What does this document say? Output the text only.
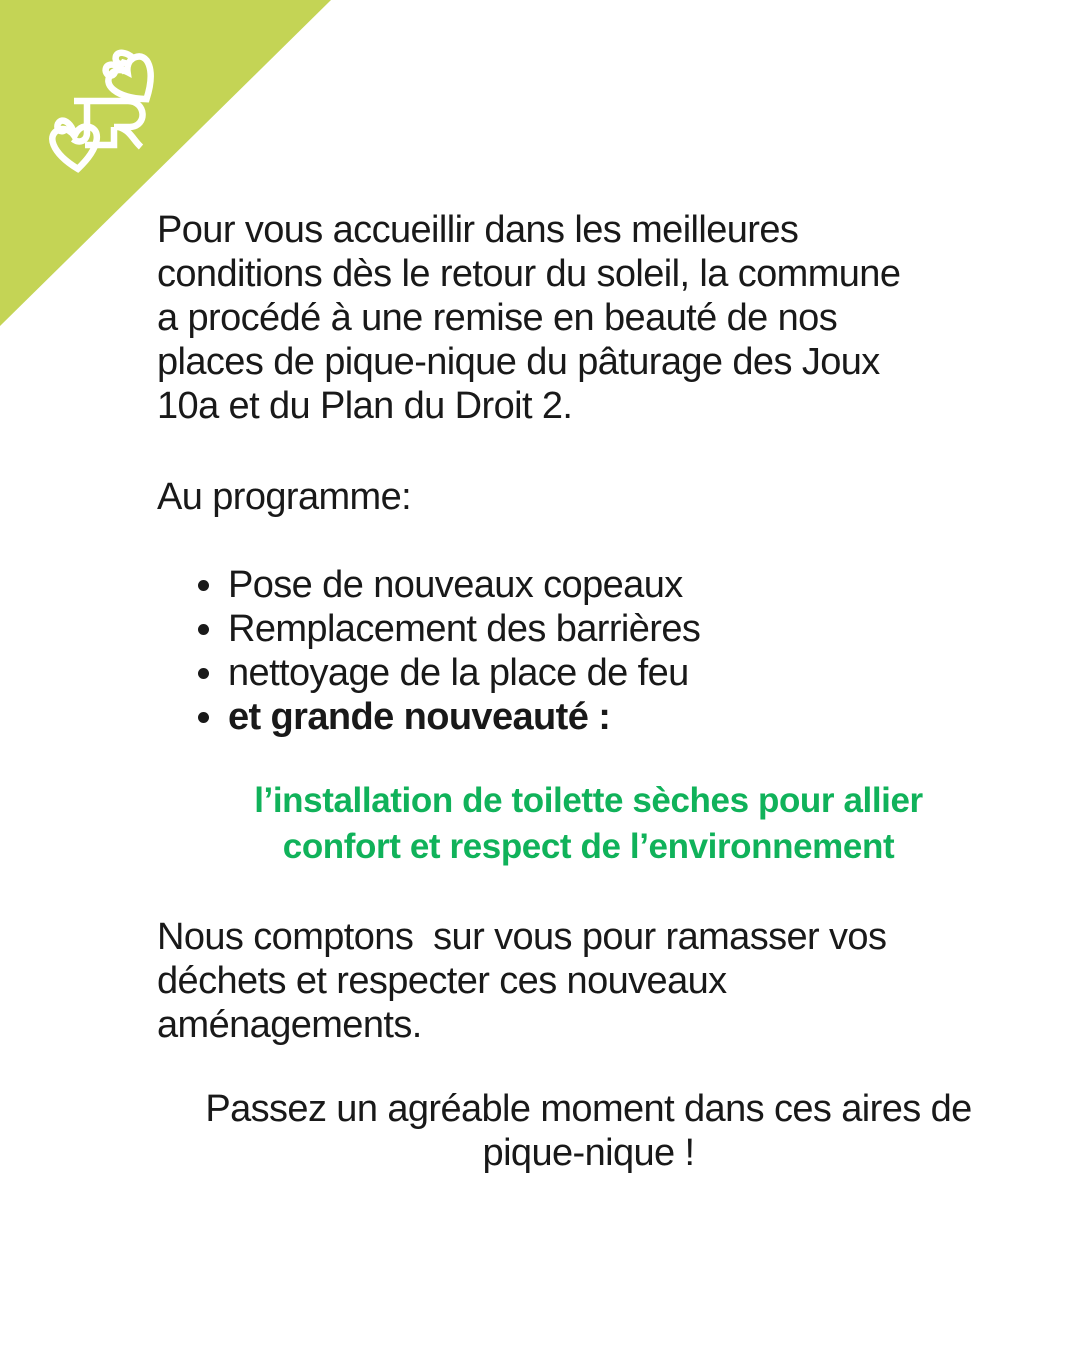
Pour vous accueillir dans les meilleures
conditions dès le retour du soleil, la commune
a procédé à une remise en beauté de nos
places de pique-nique du pâturage des Joux
10a et du Plan du Droit 2.
Au programme:
Pose de nouveaux copeaux
Remplacement des barrières
nettoyage de la place de feu
et grande nouveauté :
l’installation de toilette sèches pour allier
confort et respect de l’environnement
Nous comptons  sur vous pour ramasser vos
déchets et respecter ces nouveaux
aménagements.
Passez un agréable moment dans ces aires de
pique-nique !
